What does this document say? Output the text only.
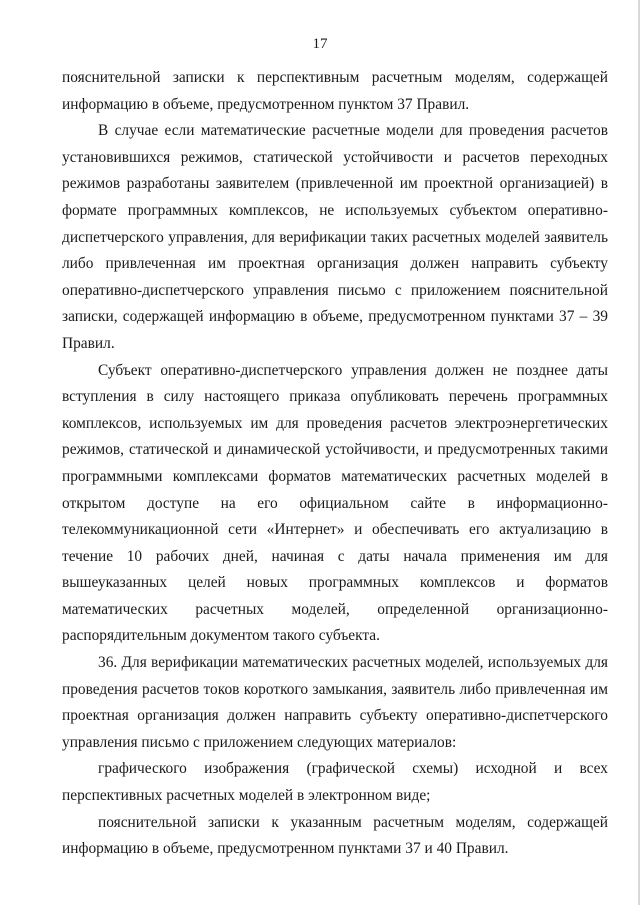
17

пояснительной записки к перспективным расчетным моделям, содержащей информацию в объеме, предусмотренном пунктом 37 Правил.

В случае если математические расчетные модели для проведения расчетов установившихся режимов, статической устойчивости и расчетов переходных режимов разработаны заявителем (привлеченной им проектной организацией) в формате программных комплексов, не используемых субъектом оперативно-диспетчерского управления, для верификации таких расчетных моделей заявитель либо привлеченная им проектная организация должен направить субъекту оперативно-диспетчерского управления письмо с приложением пояснительной записки, содержащей информацию в объеме, предусмотренном пунктами 37 – 39 Правил.

Субъект оперативно-диспетчерского управления должен не позднее даты вступления в силу настоящего приказа опубликовать перечень программных комплексов, используемых им для проведения расчетов электроэнергетических режимов, статической и динамической устойчивости, и предусмотренных такими программными комплексами форматов математических расчетных моделей в открытом доступе на его официальном сайте в информационно-телекоммуникационной сети «Интернет» и обеспечивать его актуализацию в течение 10 рабочих дней, начиная с даты начала применения им для вышеуказанных целей новых программных комплексов и форматов математических расчетных моделей, определенной организационно-распорядительным документом такого субъекта.

36. Для верификации математических расчетных моделей, используемых для проведения расчетов токов короткого замыкания, заявитель либо привлеченная им проектная организация должен направить субъекту оперативно-диспетчерского управления письмо с приложением следующих материалов:

графического изображения (графической схемы) исходной и всех перспективных расчетных моделей в электронном виде;

пояснительной записки к указанным расчетным моделям, содержащей информацию в объеме, предусмотренном пунктами 37 и 40 Правил.
